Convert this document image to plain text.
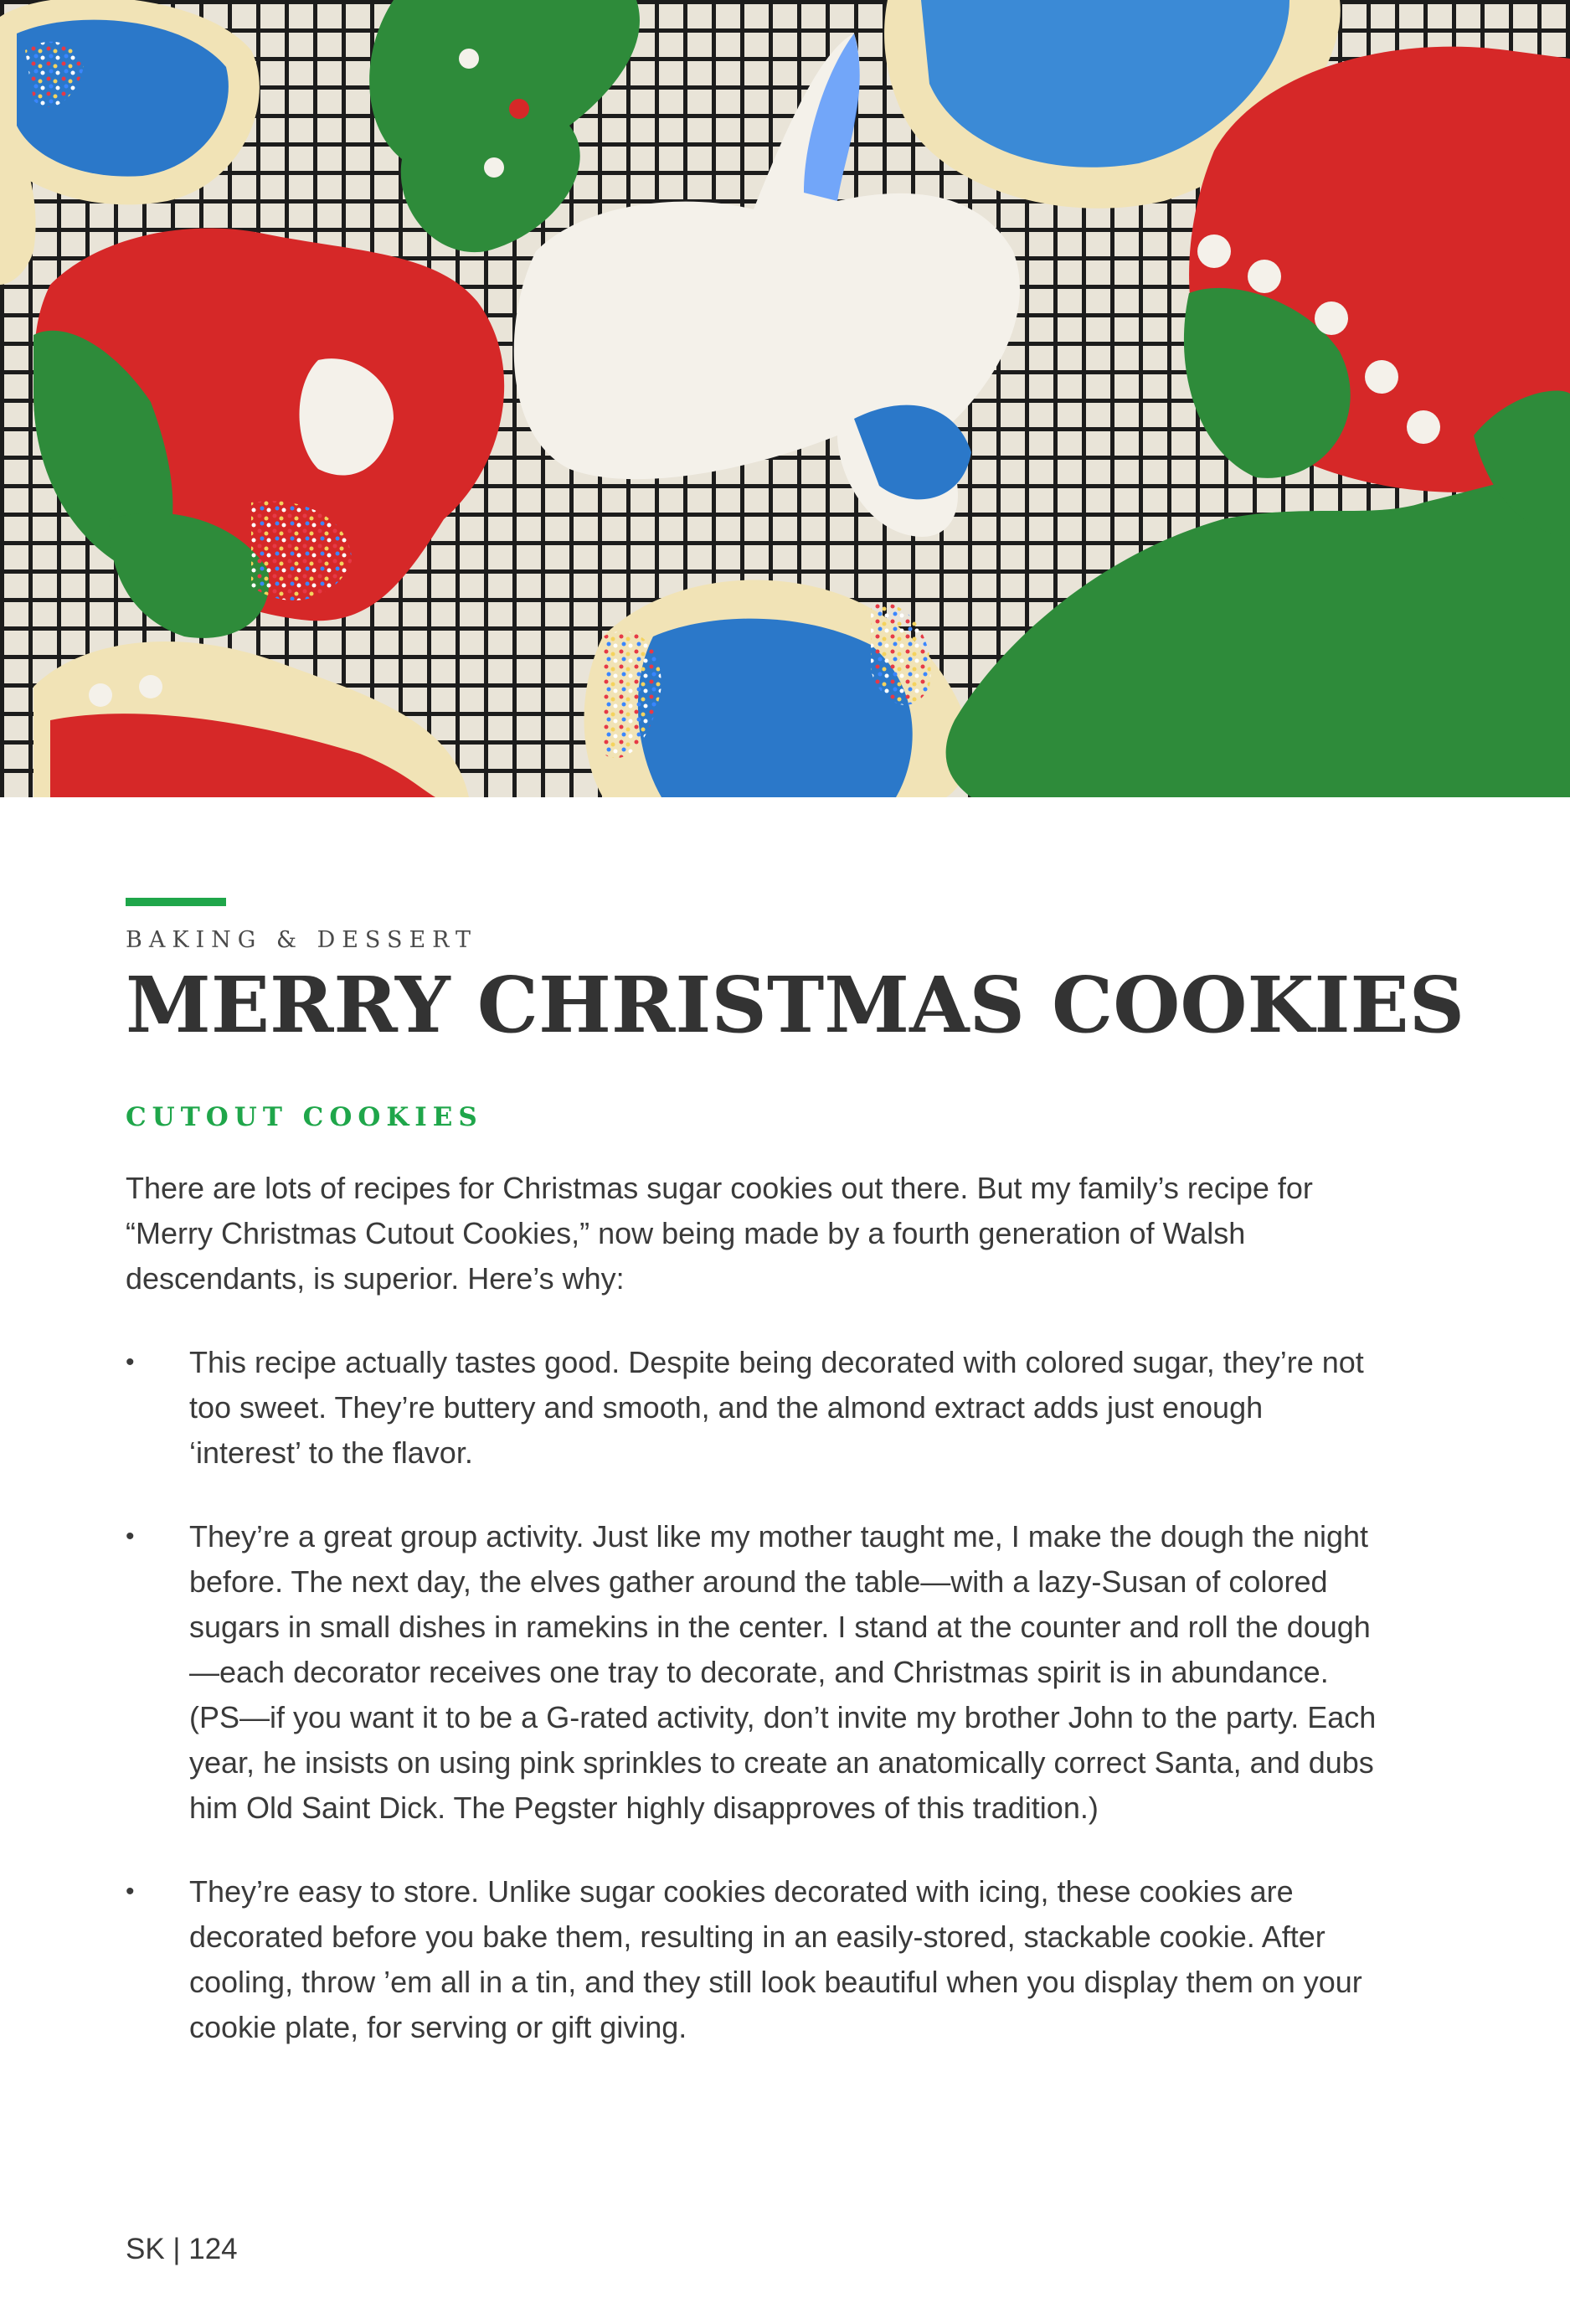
BAKING & DESSERT
MERRY CHRISTMAS COOKIES
CUTOUT COOKIES

There are lots of recipes for Christmas sugar cookies out there. But my family’s recipe for “Merry Christmas Cutout Cookies,” now being made by a fourth generation of Walsh descendants, is superior. Here’s why:

• This recipe actually tastes good. Despite being decorated with colored sugar, they’re not too sweet. They’re buttery and smooth, and the almond extract adds just enough ‘interest’ to the flavor.
• They’re a great group activity. Just like my mother taught me, I make the dough the night before. The next day, the elves gather around the table—with a lazy-Susan of colored sugars in small dishes in ramekins in the center. I stand at the counter and roll the dough—each decorator receives one tray to decorate, and Christmas spirit is in abundance. (PS—if you want it to be a G-rated activity, don’t invite my brother John to the party. Each year, he insists on using pink sprinkles to create an anatomically correct Santa, and dubs him Old Saint Dick. The Pegster highly disapproves of this tradition.)
• They’re easy to store. Unlike sugar cookies decorated with icing, these cookies are decorated before you bake them, resulting in an easily-stored, stackable cookie. After cooling, throw ’em all in a tin, and they still look beautiful when you display them on your cookie plate, for serving or gift giving.
SK | 124
